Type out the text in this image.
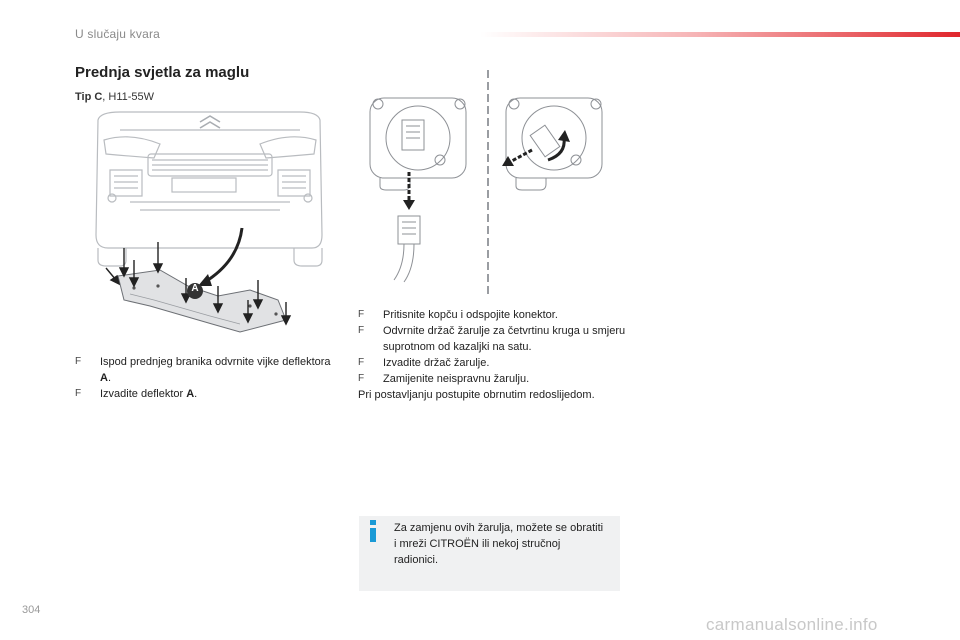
U slučaju kvara
Prednja svjetla za maglu
Tip C, H11-55W
A
F Ispod prednjeg branika odvrnite vijke deflektora A.
F Izvadite deflektor A.
F Pritisnite kopču i odspojite konektor.
F Odvrnite držač žarulje za četvrtinu kruga u smjeru suprotnom od kazaljki na satu.
F Izvadite držač žarulje.
F Zamijenite neispravnu žarulju.
Pri postavljanju postupite obrnutim redoslijedom.
Za zamjenu ovih žarulja, možete se obratiti i mreži CITROËN ili nekoj stručnoj radionici.
304
carmanualsonline.info
